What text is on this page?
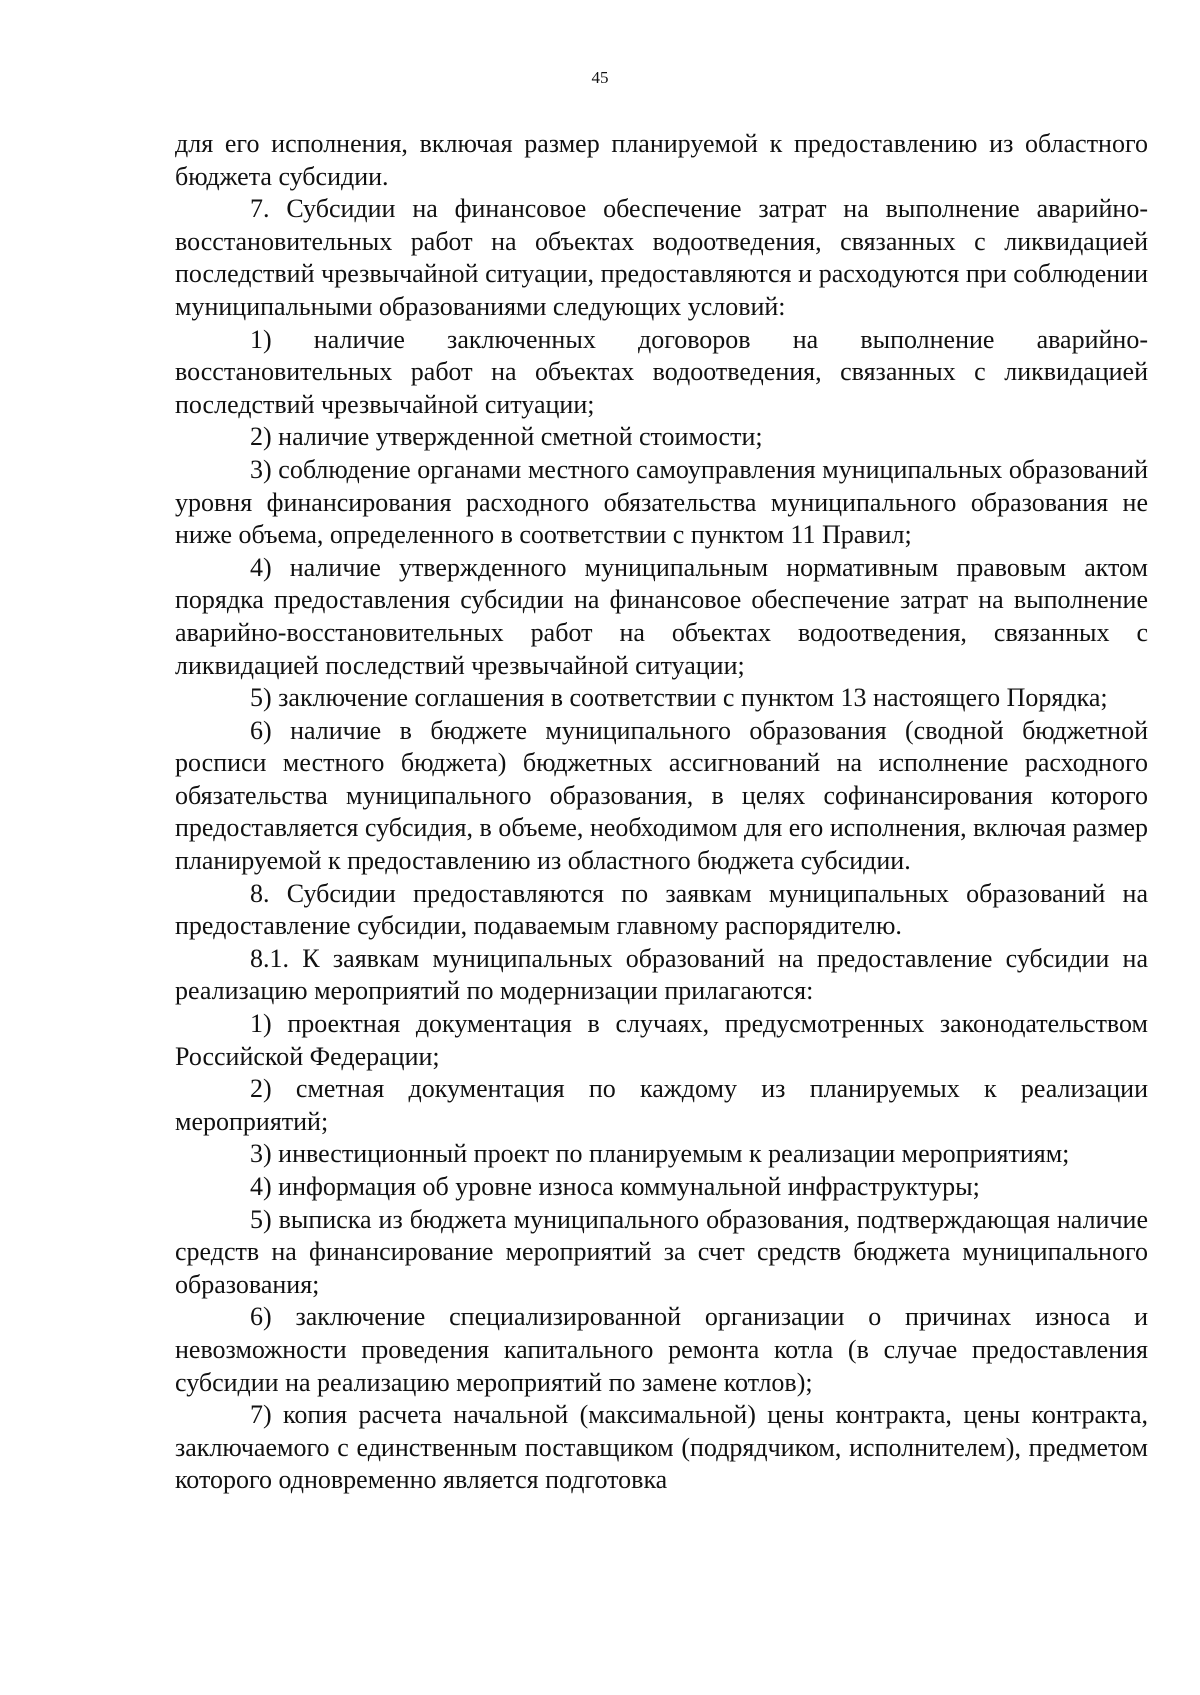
45

для его исполнения, включая размер планируемой к предоставлению из областного бюджета субсидии.

7. Субсидии на финансовое обеспечение затрат на выполнение аварийно-восстановительных работ на объектах водоотведения, связанных с ликвидацией последствий чрезвычайной ситуации, предоставляются и расходуются при соблюдении муниципальными образованиями следующих условий:

1) наличие заключенных договоров на выполнение аварийно-восстановительных работ на объектах водоотведения, связанных с ликвидацией последствий чрезвычайной ситуации;

2) наличие утвержденной сметной стоимости;

3) соблюдение органами местного самоуправления муниципальных образований уровня финансирования расходного обязательства муниципального образования не ниже объема, определенного в соответствии с пунктом 11 Правил;

4) наличие утвержденного муниципальным нормативным правовым актом порядка предоставления субсидии на финансовое обеспечение затрат на выполнение аварийно-восстановительных работ на объектах водоотведения, связанных с ликвидацией последствий чрезвычайной ситуации;

5) заключение соглашения в соответствии с пунктом 13 настоящего Порядка;

6) наличие в бюджете муниципального образования (сводной бюджетной росписи местного бюджета) бюджетных ассигнований на исполнение расходного обязательства муниципального образования, в целях софинансирования которого предоставляется субсидия, в объеме, необходимом для его исполнения, включая размер планируемой к предоставлению из областного бюджета субсидии.

8. Субсидии предоставляются по заявкам муниципальных образований на предоставление субсидии, подаваемым главному распорядителю.

8.1. К заявкам муниципальных образований на предоставление субсидии на реализацию мероприятий по модернизации прилагаются:

1) проектная документация в случаях, предусмотренных законодательством Российской Федерации;

2) сметная документация по каждому из планируемых к реализации мероприятий;

3) инвестиционный проект по планируемым к реализации мероприятиям;

4) информация об уровне износа коммунальной инфраструктуры;

5) выписка из бюджета муниципального образования, подтверждающая наличие средств на финансирование мероприятий за счет средств бюджета муниципального образования;

6) заключение специализированной организации о причинах износа и невозможности проведения капитального ремонта котла (в случае предоставления субсидии на реализацию мероприятий по замене котлов);

7) копия расчета начальной (максимальной) цены контракта, цены контракта, заключаемого с единственным поставщиком (подрядчиком, исполнителем), предметом которого одновременно является подготовка
